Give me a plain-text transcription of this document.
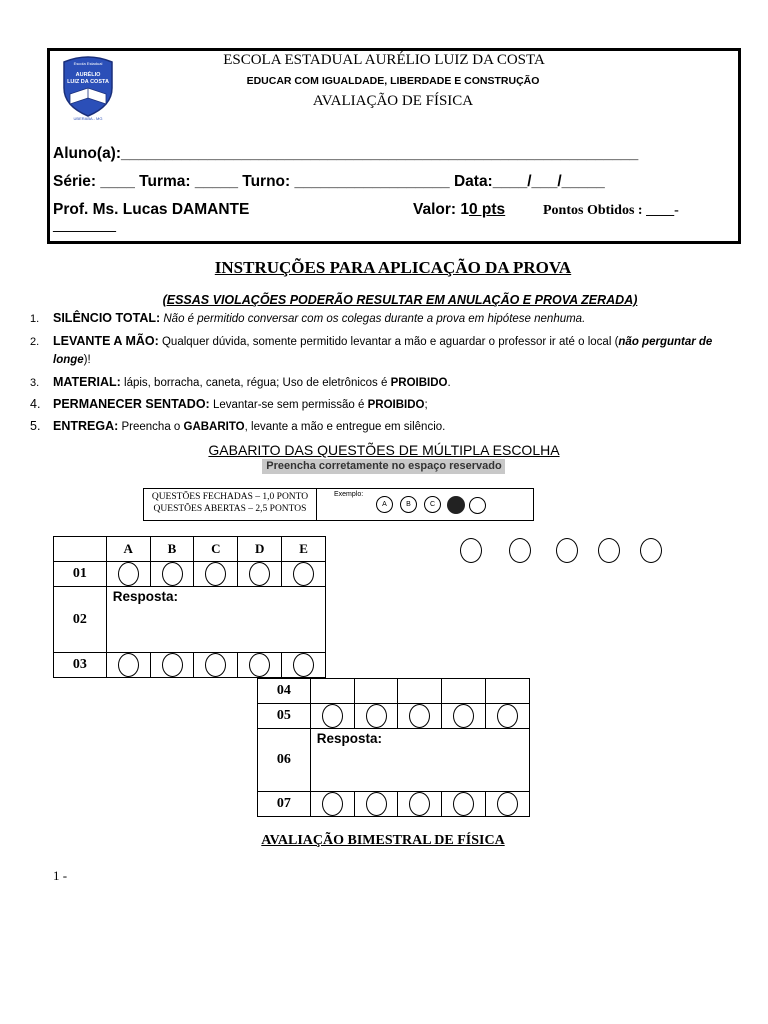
Escola Estadual
AURÉLIO
LUIZ DA COSTA
UBERABA - MG
ESCOLA ESTADUAL AURÉLIO LUIZ DA COSTA
EDUCAR COM IGUALDADE, LIBERDADE E CONSTRUÇÃO
AVALIAÇÃO DE FÍSICA
Aluno(a):____________________________________________________________
Série: ____ Turma: _____ Turno: __________________ Data:____/___/_____
Prof. Ms. Lucas DAMANTE	Valor: 10 pts	Pontos Obtidos : ____-
_________
INSTRUÇÕES PARA APLICAÇÃO DA PROVA
(ESSAS VIOLAÇÕES PODERÃO RESULTAR EM ANULAÇÃO E PROVA ZERADA)
1. SILÊNCIO TOTAL: Não é permitido conversar com os colegas durante a prova em hipótese nenhuma.
2. LEVANTE A MÃO: Qualquer dúvida, somente permitido levantar a mão e aguardar o professor ir até o local (não perguntar de
longe)!
3. MATERIAL: lápis, borracha, caneta, régua; Uso de eletrônicos é PROIBIDO.
4. PERMANECER SENTADO: Levantar-se sem permissão é PROIBIDO;
5. ENTREGA: Preencha o GABARITO, levante a mão e entregue em silêncio.
GABARITO DAS QUESTÕES DE MÚLTIPLA ESCOLHA
Preencha corretamente no espaço reservado
QUESTÕES FECHADAS – 1,0 PONTO
QUESTÕES ABERTAS – 2,5 PONTOS
Exemplo:
A	B	C
	A	B	C	D	E
01					
02	Resposta:				
03					
04					
05					
06	Resposta:				
07					
AVALIAÇÃO BIMESTRAL DE FÍSICA
1 -
